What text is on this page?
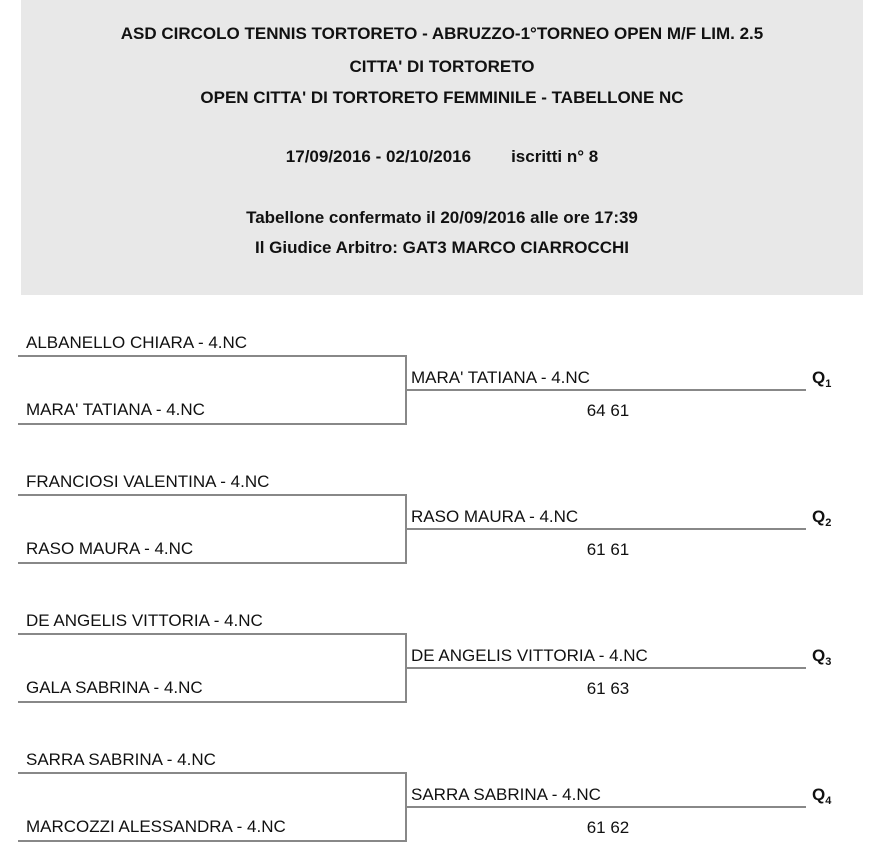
ASD CIRCOLO TENNIS TORTORETO - ABRUZZO-1°TORNEO OPEN M/F LIM. 2.5
CITTA' DI TORTORETO
OPEN CITTA' DI TORTORETO FEMMINILE - TABELLONE NC
17/09/2016 - 02/10/2016 iscritti n° 8
Tabellone confermato il 20/09/2016 alle ore 17:39
Il Giudice Arbitro: GAT3 MARCO CIARROCCHI
ALBANELLO CHIARA - 4.NC
MARA' TATIANA - 4.NC
MARA' TATIANA - 4.NC
64 61
$Q_1$
FRANCIOSI VALENTINA - 4.NC
RASO MAURA - 4.NC
RASO MAURA - 4.NC
61 61
$Q_2$
DE ANGELIS VITTORIA - 4.NC
GALA SABRINA - 4.NC
DE ANGELIS VITTORIA - 4.NC
61 63
$Q_3$
SARRA SABRINA - 4.NC
MARCOZZI ALESSANDRA - 4.NC
SARRA SABRINA - 4.NC
61 62
$Q_4$
